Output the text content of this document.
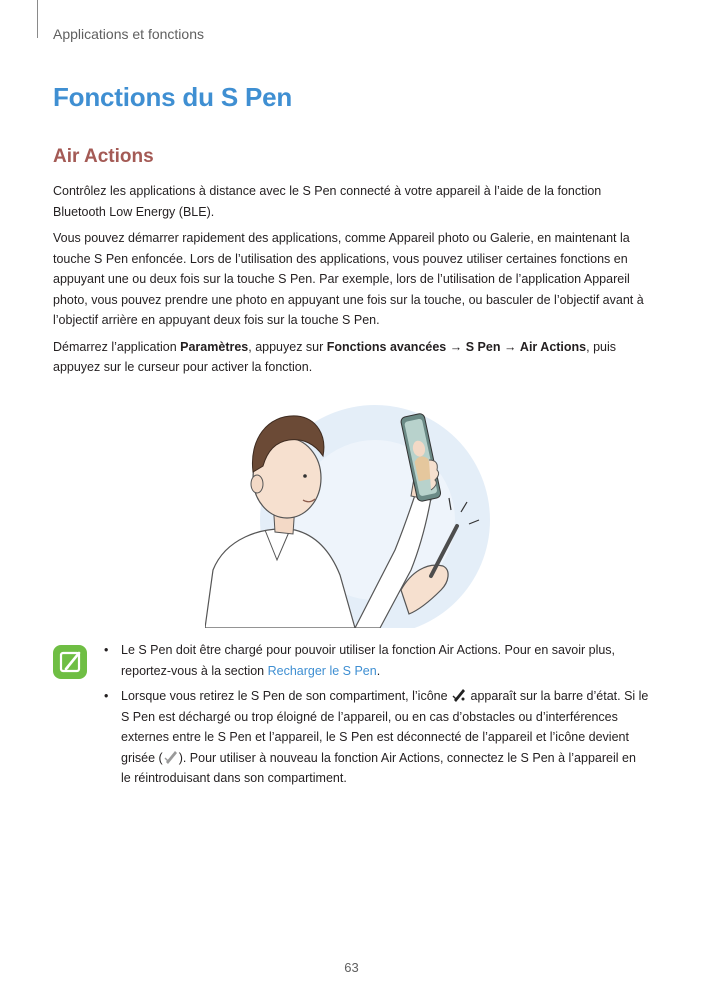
Applications et fonctions
Fonctions du S Pen
Air Actions

Contrôlez les applications à distance avec le S Pen connecté à votre appareil à l’aide de la fonction Bluetooth Low Energy (BLE).

Vous pouvez démarrer rapidement des applications, comme Appareil photo ou Galerie, en maintenant la touche S Pen enfoncée. Lors de l’utilisation des applications, vous pouvez utiliser certaines fonctions en appuyant une ou deux fois sur la touche S Pen. Par exemple, lors de l’utilisation de l’application Appareil photo, vous pouvez prendre une photo en appuyant une fois sur la touche, ou basculer de l’objectif avant à l’objectif arrière en appuyant deux fois sur la touche S Pen.

Démarrez l’application Paramètres, appuyez sur Fonctions avancées → S Pen → Air Actions, puis appuyez sur le curseur pour activer la fonction.

• Le S Pen doit être chargé pour pouvoir utiliser la fonction Air Actions. Pour en savoir plus, reportez-vous à la section Recharger le S Pen.
• Lorsque vous retirez le S Pen de son compartiment, l’icône  apparaît sur la barre d’état. Si le S Pen est déchargé ou trop éloigné de l’appareil, ou en cas d’obstacles ou d’interférences externes entre le S Pen et l’appareil, le S Pen est déconnecté de l’appareil et l’icône devient grisée ( ). Pour utiliser à nouveau la fonction Air Actions, connectez le S Pen à l’appareil en le réintroduisant dans son compartiment.
63
